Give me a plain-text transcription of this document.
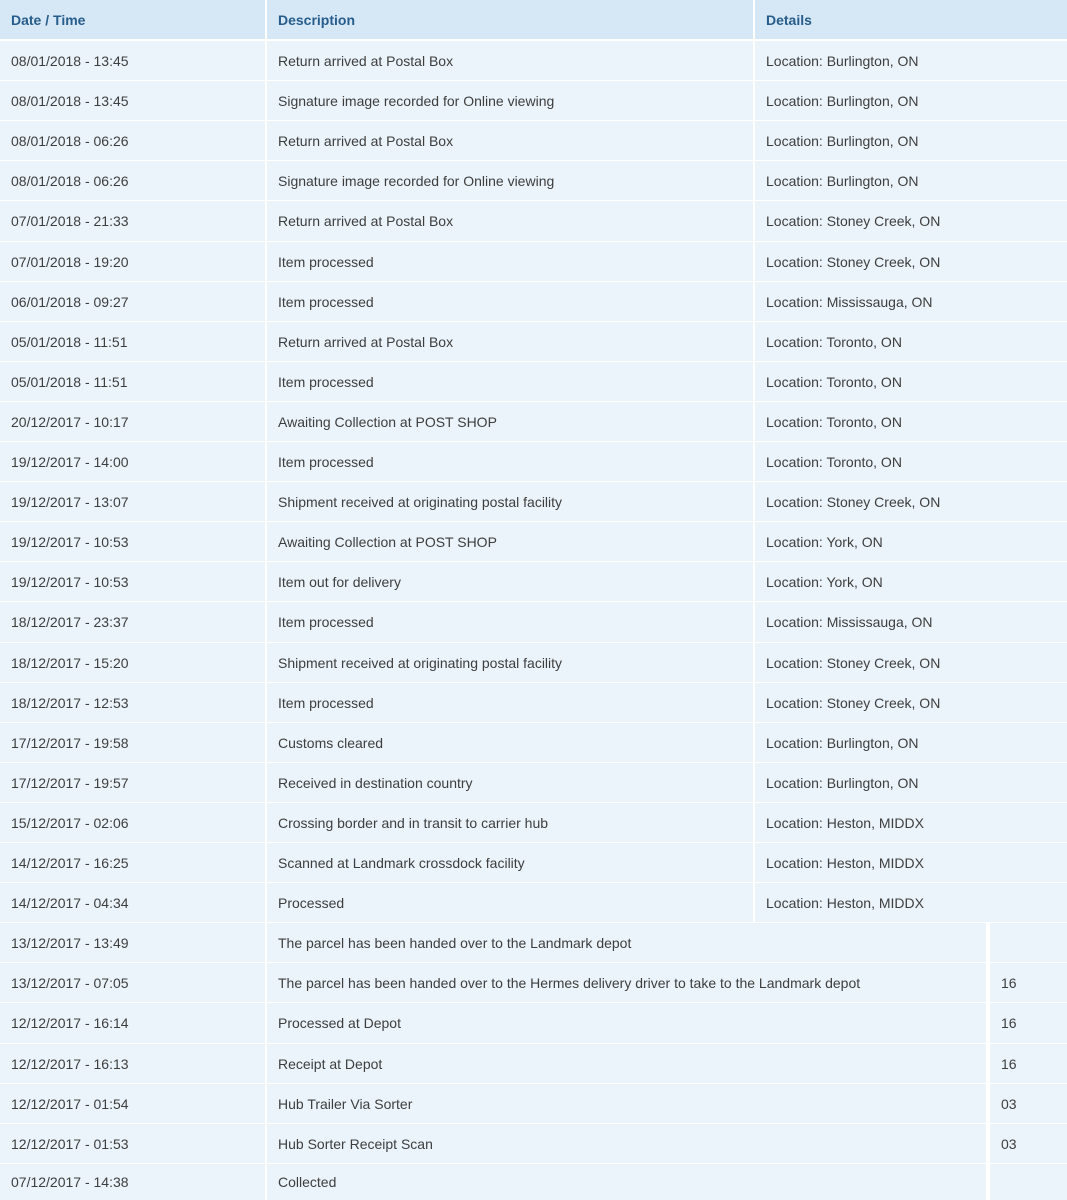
Date / Time	Description	Details
08/01/2018 - 13:45	Return arrived at Postal Box	Location: Burlington, ON
08/01/2018 - 13:45	Signature image recorded for Online viewing	Location: Burlington, ON
08/01/2018 - 06:26	Return arrived at Postal Box	Location: Burlington, ON
08/01/2018 - 06:26	Signature image recorded for Online viewing	Location: Burlington, ON
07/01/2018 - 21:33	Return arrived at Postal Box	Location: Stoney Creek, ON
07/01/2018 - 19:20	Item processed	Location: Stoney Creek, ON
06/01/2018 - 09:27	Item processed	Location: Mississauga, ON
05/01/2018 - 11:51	Return arrived at Postal Box	Location: Toronto, ON
05/01/2018 - 11:51	Item processed	Location: Toronto, ON
20/12/2017 - 10:17	Awaiting Collection at POST SHOP	Location: Toronto, ON
19/12/2017 - 14:00	Item processed	Location: Toronto, ON
19/12/2017 - 13:07	Shipment received at originating postal facility	Location: Stoney Creek, ON
19/12/2017 - 10:53	Awaiting Collection at POST SHOP	Location: York, ON
19/12/2017 - 10:53	Item out for delivery	Location: York, ON
18/12/2017 - 23:37	Item processed	Location: Mississauga, ON
18/12/2017 - 15:20	Shipment received at originating postal facility	Location: Stoney Creek, ON
18/12/2017 - 12:53	Item processed	Location: Stoney Creek, ON
17/12/2017 - 19:58	Customs cleared	Location: Burlington, ON
17/12/2017 - 19:57	Received in destination country	Location: Burlington, ON
15/12/2017 - 02:06	Crossing border and in transit to carrier hub	Location: Heston, MIDDX
14/12/2017 - 16:25	Scanned at Landmark crossdock facility	Location: Heston, MIDDX
14/12/2017 - 04:34	Processed	Location: Heston, MIDDX
13/12/2017 - 13:49	The parcel has been handed over to the Landmark depot
13/12/2017 - 07:05	The parcel has been handed over to the Hermes delivery driver to take to the Landmark depot	16
12/12/2017 - 16:14	Processed at Depot	16
12/12/2017 - 16:13	Receipt at Depot	16
12/12/2017 - 01:54	Hub Trailer Via Sorter	03
12/12/2017 - 01:53	Hub Sorter Receipt Scan	03
07/12/2017 - 14:38	Collected
